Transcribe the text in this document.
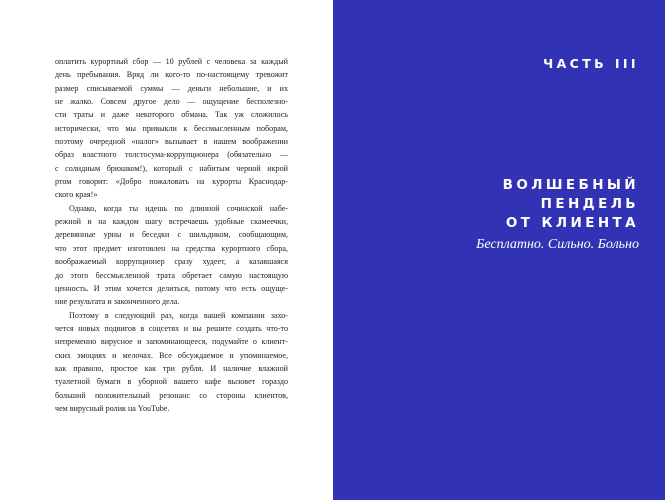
оплатить курортный сбор — 10 рублей с человека за каждый
день пребывания. Вряд ли кого-то по-настоящему тревожит
размер списываемой суммы — деньги небольшие, и их
не жалко. Совсем другое дело — ощущение бесполезно-
сти траты и даже некоторого обмана. Так уж сложилось
исторически, что мы привыкли к бессмысленным поборам,
поэтому очередной «налог» вызывает в нашем воображении
образ властного толстосума-коррупционера (обязательно —
с солидным брюшком!), который с набитым черной икрой
ртом говорит: «Добро пожаловать на курорты Краснодар-
ского края!»
Однако, когда ты идешь по длинной сочинской набе-
режной и на каждом шагу встречаешь удобные скамеечки,
деревянные урны и беседки с шильдиком, сообщающим,
что этот предмет изготовлен на средства курортного сбора,
воображаемый коррупционер сразу худеет, а казавшаяся
до этого бессмысленной трата обретает самую настоящую
ценность. И этим хочется делиться, потому что есть ощуще-
ние результата и законченного дела.
Поэтому в следующий раз, когда вашей компании захо-
чется новых подвигов в соцсетях и вы решите создать что-то
непременно вирусное и запоминающееся, подумайте о клиент-
ских эмоциях и мелочах. Все обсуждаемое и упоминаемое,
как правило, простое как три рубля. И наличие влажной
туалетной бумаги в уборной вашего кафе вызовет гораздо
больший положительный резонанс со стороны клиентов,
чем вирусный ролик на YouTube.
ЧАСТЬ III
ВОЛШЕБНЫЙ
ПЕНДЕЛЬ
ОТ КЛИЕНТА
Бесплатно. Сильно. Больно
